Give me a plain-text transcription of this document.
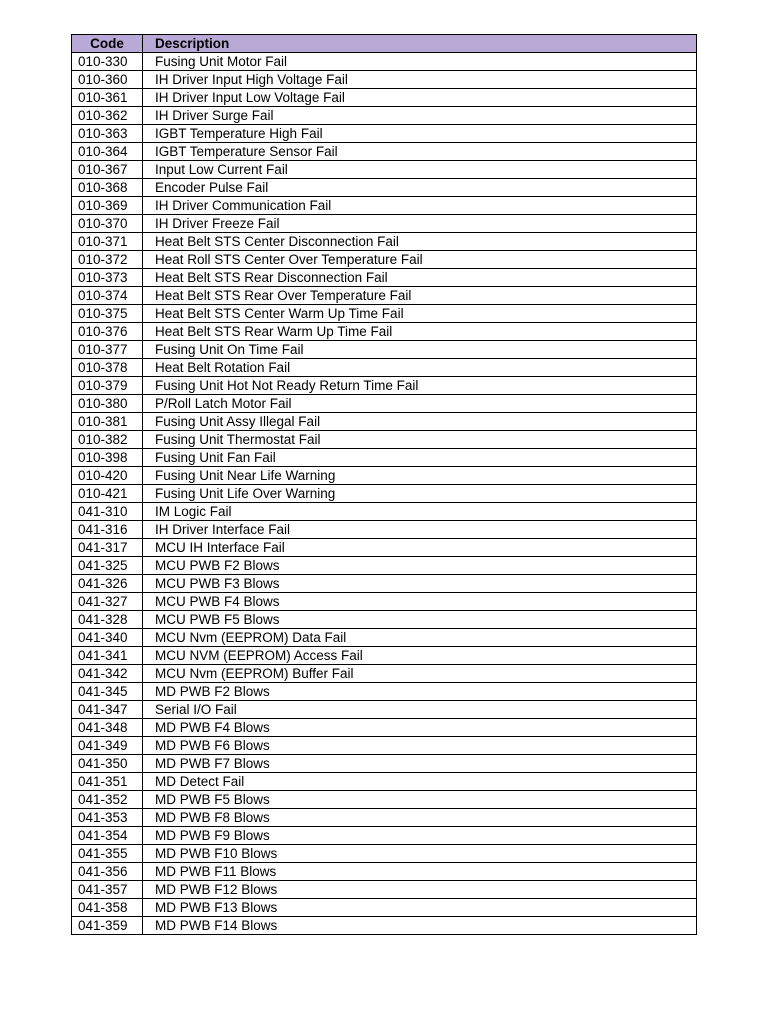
Code	Description
010-330	Fusing Unit Motor Fail
010-360	IH Driver Input High Voltage Fail
010-361	IH Driver Input Low Voltage Fail
010-362	IH Driver Surge Fail
010-363	IGBT Temperature High Fail
010-364	IGBT Temperature Sensor Fail
010-367	Input Low Current Fail
010-368	Encoder Pulse Fail
010-369	IH Driver Communication Fail
010-370	IH Driver Freeze Fail
010-371	Heat Belt STS Center Disconnection Fail
010-372	Heat Roll STS Center Over Temperature Fail
010-373	Heat Belt STS Rear Disconnection Fail
010-374	Heat Belt STS Rear Over Temperature Fail
010-375	Heat Belt STS Center Warm Up Time Fail
010-376	Heat Belt STS Rear Warm Up Time Fail
010-377	Fusing Unit On Time Fail
010-378	Heat Belt Rotation Fail
010-379	Fusing Unit Hot Not Ready Return Time Fail
010-380	P/Roll Latch Motor Fail
010-381	Fusing Unit Assy Illegal Fail
010-382	Fusing Unit Thermostat Fail
010-398	Fusing Unit Fan Fail
010-420	Fusing Unit Near Life Warning
010-421	Fusing Unit Life Over Warning
041-310	IM Logic Fail
041-316	IH Driver Interface Fail
041-317	MCU IH Interface Fail
041-325	MCU PWB F2 Blows
041-326	MCU PWB F3 Blows
041-327	MCU PWB F4 Blows
041-328	MCU PWB F5 Blows
041-340	MCU Nvm (EEPROM) Data Fail
041-341	MCU NVM (EEPROM) Access Fail
041-342	MCU Nvm (EEPROM) Buffer Fail
041-345	MD PWB F2 Blows
041-347	Serial I/O Fail
041-348	MD PWB F4 Blows
041-349	MD PWB F6 Blows
041-350	MD PWB F7 Blows
041-351	MD Detect Fail
041-352	MD PWB F5 Blows
041-353	MD PWB F8 Blows
041-354	MD PWB F9 Blows
041-355	MD PWB F10 Blows
041-356	MD PWB F11 Blows
041-357	MD PWB F12 Blows
041-358	MD PWB F13 Blows
041-359	MD PWB F14 Blows
